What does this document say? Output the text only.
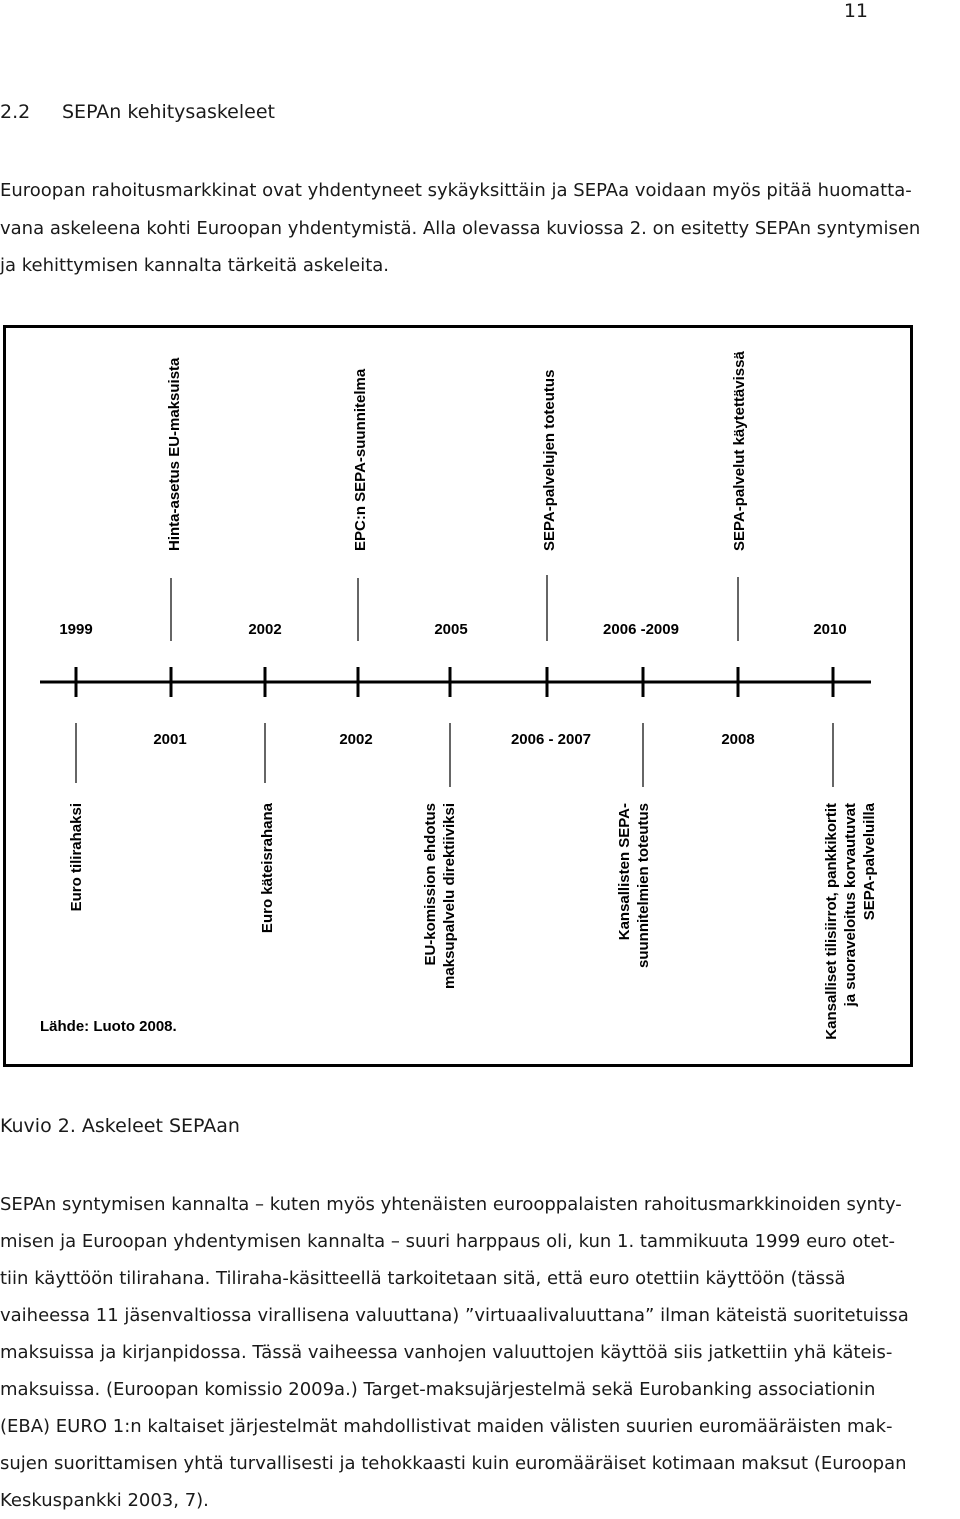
11
2.2 SEPAn kehitysaskeleet

Euroopan rahoitusmarkkinat ovat yhdentyneet sykäyksittäin ja SEPAa voidaan myös pitää huomatta-
vana askeleena kohti Euroopan yhdentymistä. Alla olevassa kuviossa 2. on esitetty SEPAn syntymisen
ja kehittymisen kannalta tärkeitä askeleita.

1999	2002
Hinta-asetus EU-maksuista
2005
EPC:n SEPA-suunnitelma
2006 -2009
SEPA-palvelujen toteutus
2010
SEPA-palvelut käytettävissä
2001
Euro tilirahaksi
2002
Euro käteisrahana
2006 - 2007
EU-komission ehdotus maksupalvelu direktiiviksi
2008
Kansallisten SEPA- suunnitelmien toteutus	Kansalliset tilisiirrot, pankkikortit ja suoraveloitus korvautuvat SEPA-palveluilla
Lähde: Luoto 2008.
Kuvio 2. Askeleet SEPAan

SEPAn syntymisen kannalta – kuten myös yhtenäisten eurooppalaisten rahoitusmarkkinoiden synty-
misen ja Euroopan yhdentymisen kannalta – suuri harppaus oli, kun 1. tammikuuta 1999 euro otet-
tiin käyttöön tilirahana. Tiliraha-käsitteellä tarkoitetaan sitä, että euro otettiin käyttöön (tässä
vaiheessa 11 jäsenvaltiossa virallisena valuuttana) ”virtuaalivaluuttana” ilman käteistä suoritetuissa
maksuissa ja kirjanpidossa. Tässä vaiheessa vanhojen valuuttojen käyttöä siis jatkettiin yhä käteis-
maksuissa. (Euroopan komissio 2009a.) Target-maksujärjestelmä sekä Eurobanking associationin
(EBA) EURO 1:n kaltaiset järjestelmät mahdollistivat maiden välisten suurien euromääräisten mak-
sujen suorittamisen yhtä turvallisesti ja tehokkaasti kuin euromääräiset kotimaan maksut (Euroopan
Keskuspankki 2003, 7).
